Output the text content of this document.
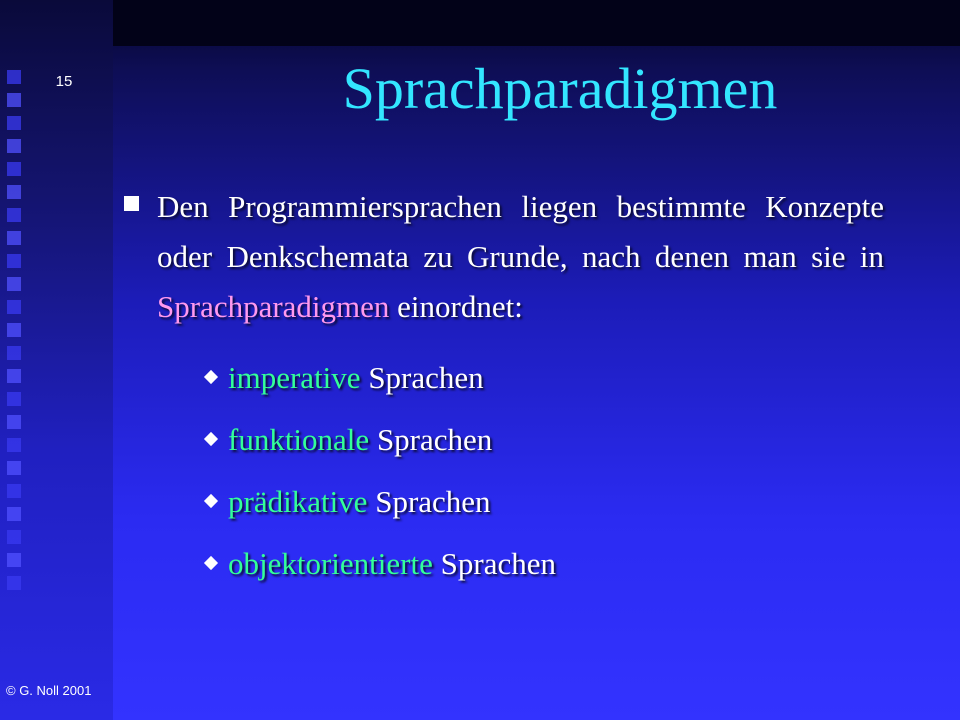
15	Sprachparadigmen
Den Programmiersprachen liegen bestimmte Konzepte oder Denkschemata zu Grunde, nach denen man sie in Sprachparadigmen einordnet:
imperative Sprachen
funktionale Sprachen
prädikative Sprachen
objektorientierte Sprachen
© G. Noll 2001
